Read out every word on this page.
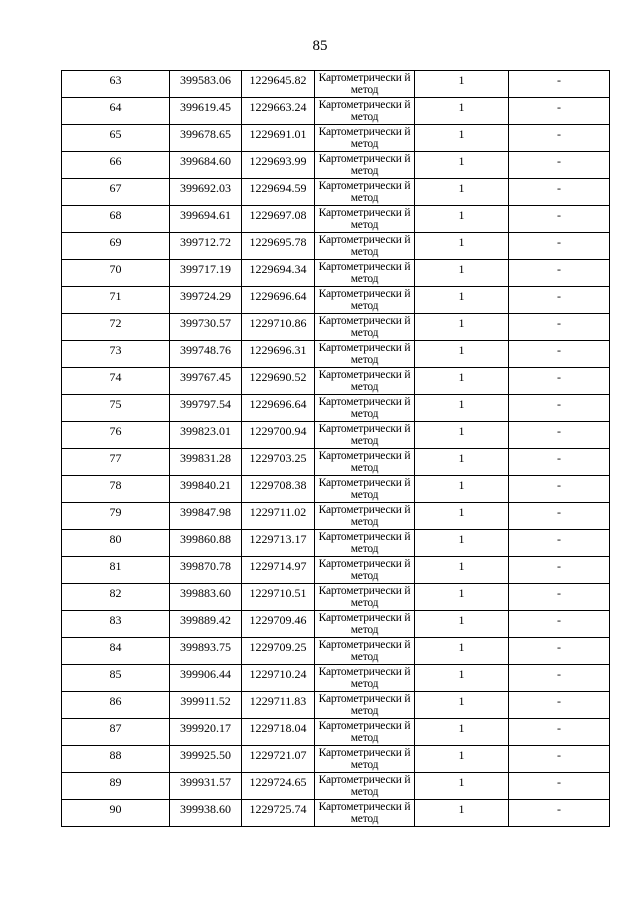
85
63	399583.06	1229645.82	Картометрически й метод	1	-
64	399619.45	1229663.24	Картометрически й метод	1	-
65	399678.65	1229691.01	Картометрически й метод	1	-
66	399684.60	1229693.99	Картометрически й метод	1	-
67	399692.03	1229694.59	Картометрически й метод	1	-
68	399694.61	1229697.08	Картометрически й метод	1	-
69	399712.72	1229695.78	Картометрически й метод	1	-
70	399717.19	1229694.34	Картометрически й метод	1	-
71	399724.29	1229696.64	Картометрически й метод	1	-
72	399730.57	1229710.86	Картометрически й метод	1	-
73	399748.76	1229696.31	Картометрически й метод	1	-
74	399767.45	1229690.52	Картометрически й метод	1	-
75	399797.54	1229696.64	Картометрически й метод	1	-
76	399823.01	1229700.94	Картометрически й метод	1	-
77	399831.28	1229703.25	Картометрически й метод	1	-
78	399840.21	1229708.38	Картометрически й метод	1	-
79	399847.98	1229711.02	Картометрически й метод	1	-
80	399860.88	1229713.17	Картометрически й метод	1	-
81	399870.78	1229714.97	Картометрически й метод	1	-
82	399883.60	1229710.51	Картометрически й метод	1	-
83	399889.42	1229709.46	Картометрически й метод	1	-
84	399893.75	1229709.25	Картометрически й метод	1	-
85	399906.44	1229710.24	Картометрически й метод	1	-
86	399911.52	1229711.83	Картометрически й метод	1	-
87	399920.17	1229718.04	Картометрически й метод	1	-
88	399925.50	1229721.07	Картометрически й метод	1	-
89	399931.57	1229724.65	Картометрически й метод	1	-
90	399938.60	1229725.74	Картометрически й метод	1	-
